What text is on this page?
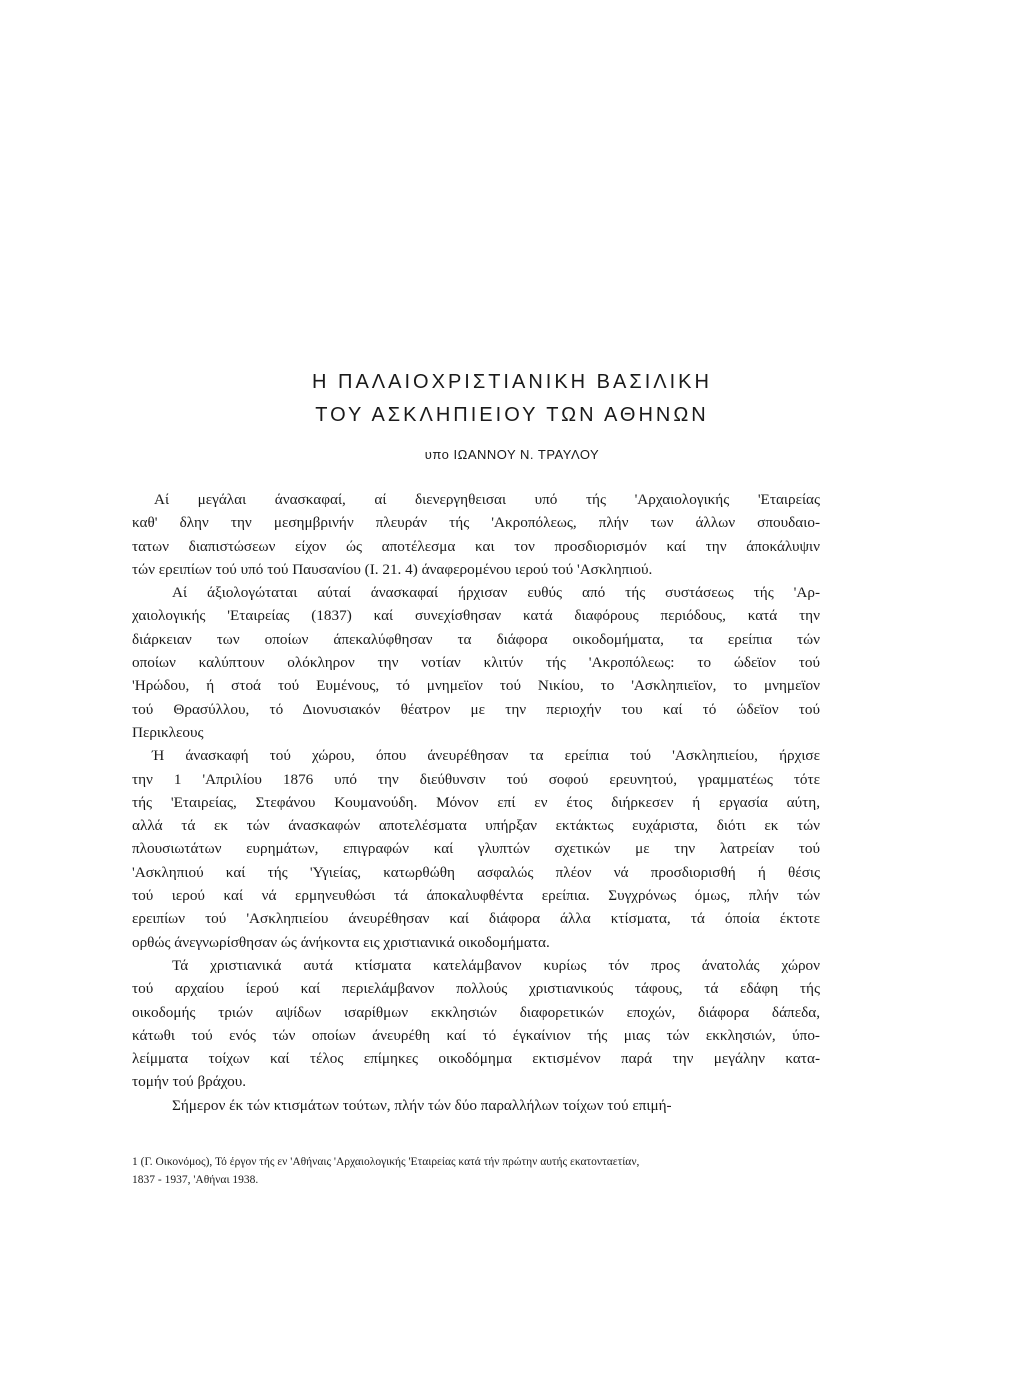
Η ΠΑΛΑΙΟΧΡΙΣΤΙΑΝΙΚΗ ΒΑΣΙΛΙΚΗ
ΤΟΥ ΑΣΚΛΗΠΙΕΙΟΥ ΤΩΝ ΑΘΗΝΩΝ
υπο ΙΩΑΝΝΟΥ Ν. ΤΡΑΥΛΟΥ
Αί μεγάλαι άνασκαφαί, αί διενεργηθεισαι υπό τής 'Αρχαιολογικής 'Εταιρείας
καθ' δλην την μεσημβρινήν πλευράν τής 'Ακροπόλεως, πλήν των άλλων σπουδαιο-
τατων διαπιστώσεων είχον ώς αποτέλεσμα και τον προσδιορισμόν καί την άποκάλυψιν
τών ερειπίων τού υπό τού Παυσανίου (Ι. 21. 4) άναφερομένου ιερού τού 'Ασκληπιού.
Αί άξιολογώταται αύταί άνασκαφαί ήρχισαν ευθύς από τής συστάσεως τής 'Αρ-
χαιολογικής 'Εταιρείας (1837) καί συνεχίσθησαν κατά διαφόρους περιόδους, κατά την
διάρκειαν των οποίων άπεκαλύφθησαν τα διάφορα οικοδομήματα, τα ερείπια τών
οποίων καλύπτουν ολόκληρον την νοτίαν κλιτύν τής 'Ακροπόλεως: το ώδεϊον τού
'Ηρώδου, ή στοά τού Ευμένους, τό μνημεϊον τού Νικίου, το 'Ασκληπιεϊον, το μνημεϊον
τού Θρασύλλου, τό Διονυσιακόν θέατρον με την περιοχήν του καί τό ώδεϊον τού
Περικλεους
Ή άνασκαφή τού χώρου, όπου άνευρέθησαν τα ερείπια τού 'Ασκληπιείου, ήρχισε
την 1 'Απριλίου 1876 υπό την διεύθυνσιν τού σοφού ερευνητού, γραμματέως τότε
τής 'Εταιρείας, Στεφάνου Κουμανούδη. Μόνον επί εν έτος διήρκεσεν ή εργασία αύτη,
αλλά τά εκ τών άνασκαφών αποτελέσματα υπήρξαν εκτάκτως ευχάριστα, διότι εκ τών
πλουσιωτάτων ευρημάτων, επιγραφών καί γλυπτών σχετικών με την λατρείαν τού
'Ασκληπιού καί τής 'Υγιείας, κατωρθώθη ασφαλώς πλέον νά προσδιορισθή ή θέσις
τού ιερού καί νά ερμηνευθώσι τά άποκαλυφθέντα ερείπια. Συγχρόνως όμως, πλήν τών
ερειπίων τού 'Ασκληπιείου άνευρέθησαν καί διάφορα άλλα κτίσματα, τά όποία έκτοτε
ορθώς άνεγνωρίσθησαν ώς άνήκοντα εις χριστιανικά οικοδομήματα.
Τά χριστιανικά αυτά κτίσματα κατελάμβανον κυρίως τόν προς άνατολάς χώρον
τού αρχαίου ίερού καί περιελάμβανον πολλούς χριστιανικούς τάφους, τά εδάφη τής
οικοδομής τριών αψίδων ισαρίθμων εκκλησιών διαφορετικών εποχών, διάφορα δάπεδα,
κάτωθι τού ενός τών οποίων άνευρέθη καί τό έγκαίνιον τής μιας τών εκκλησιών, ύπο-
λείμματα τοίχων καί τέλος επίμηκες οικοδόμημα εκτισμένον παρά την μεγάλην κατα-
τομήν τού βράχου.
Σήμερον έκ τών κτισμάτων τούτων, πλήν τών δύο παραλλήλων τοίχων τού επιμή-
1 (Γ. Οικονόμος), Τό έργον τής εν 'Αθήναις 'Αρχαιολογικής 'Εταιρείας κατά τήν πρώτην αυτής εκατονταετίαν,
1837 - 1937, 'Αθήναι 1938.
